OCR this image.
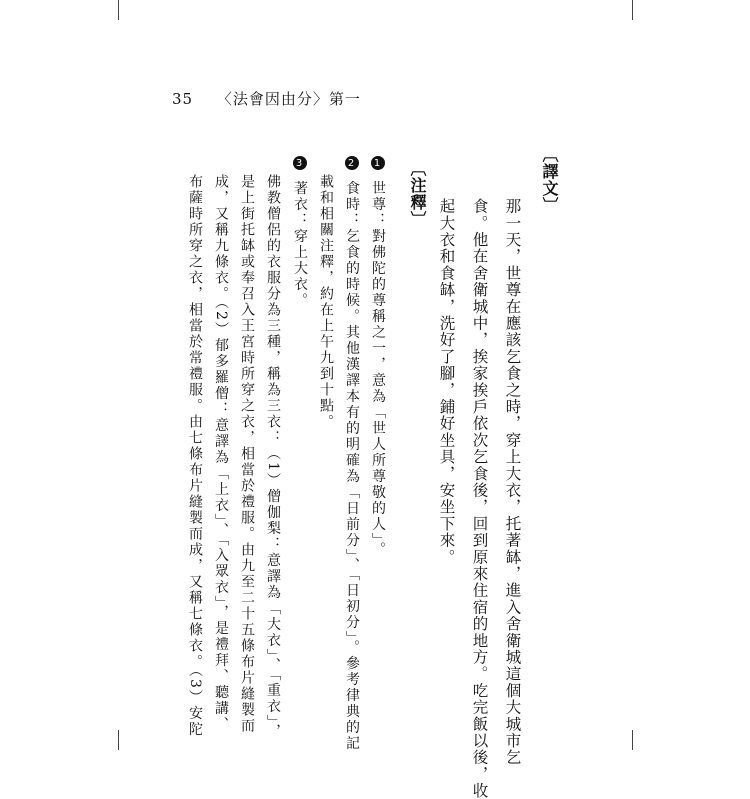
35 〈法會因由分〉第一
〔譯文〕
那一天，世尊在應該乞食之時，穿上大衣，托著缽，進入舍衛城這個大城市乞
食。他在舍衛城中，挨家挨戶依次乞食後，回到原來住宿的地方。吃完飯以後，收
起大衣和食缽，洗好了腳，鋪好坐具，安坐下來。
〔注釋〕
1 世尊：對佛陀的尊稱之一，意為「世人所尊敬的人」。
2 食時：乞食的時候。其他漢譯本有的明確為「日前分」、「日初分」。參考律典的記
載和相關注釋，約在上午九到十點。
3 著衣：穿上大衣。
佛教僧侶的衣服分為三種，稱為三衣：（1）僧伽梨：意譯為「大衣」、「重衣」，
是上街托缽或奉召入王宮時所穿之衣，相當於禮服。由九至二十五條布片縫製而
成，又稱九條衣。（2）郁多羅僧：意譯為「上衣」、「入眾衣」，是禮拜、聽講、
布薩時所穿之衣，相當於常禮服。由七條布片縫製而成，又稱七條衣。（3）安陀
